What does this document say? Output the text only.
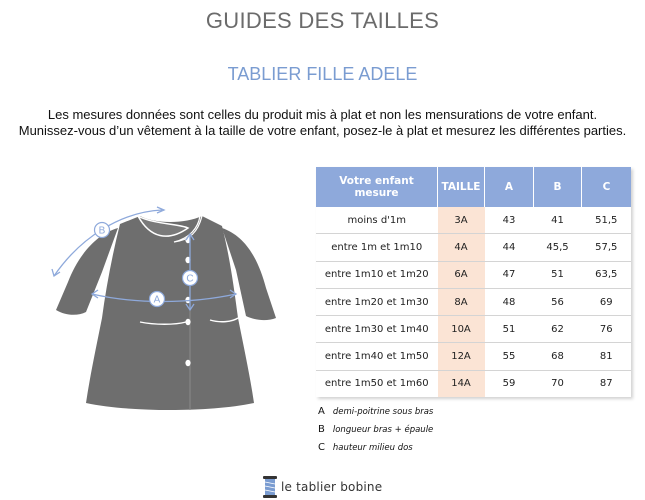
GUIDES DES TAILLES
TABLIER FILLE ADELE
Les mesures données sont celles du produit mis à plat et non les mensurations de votre enfant.
Munissez-vous d’un vêtement à la taille de votre enfant, posez-le à plat et mesurez les différentes parties.
B
A
C
Votre enfant mesure	TAILLE	A	B	C
moins d'1m	3A	43	41	51,5
entre 1m et 1m10	4A	44	45,5	57,5
entre 1m10 et 1m20	6A	47	51	63,5
entre 1m20 et 1m30	8A	48	56	69
entre 1m30 et 1m40	10A	51	62	76
entre 1m40 et 1m50	12A	55	68	81
entre 1m50 et 1m60	14A	59	70	87
A demi-poitrine sous bras
B longueur bras + épaule
C hauteur milieu dos
le tablier bobine
